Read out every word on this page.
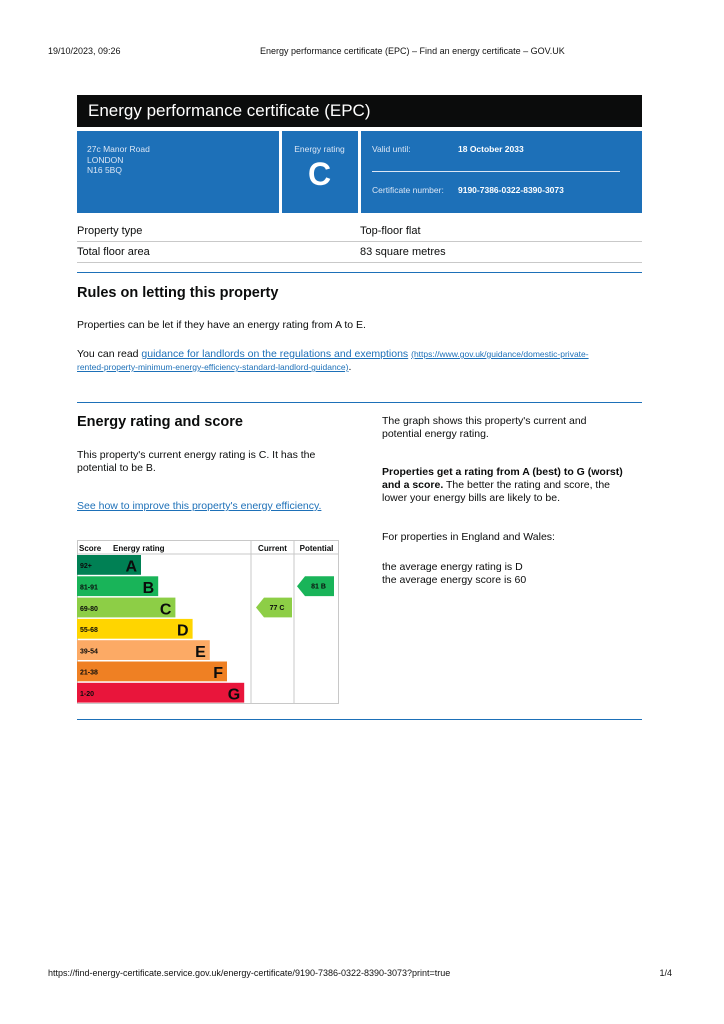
19/10/2023, 09:26	Energy performance certificate (EPC) – Find an energy certificate – GOV.UK
Energy performance certificate (EPC)
27c Manor Road
LONDON
N16 5BQ
Energy rating
C
Valid until:	18 October 2033
Certificate number: 9190-7386-0322-8390-3073
Property type	Top-floor flat
Total floor area	83 square metres
Rules on letting this property
Properties can be let if they have an energy rating from A to E.
You can read guidance for landlords on the regulations and exemptions (https://www.gov.uk/guidance/domestic-private-
rented-property-minimum-energy-efficiency-standard-landlord-guidance).
Energy rating and score
This property's current energy rating is C. It has the
potential to be B.
See how to improve this property's energy efficiency.
The graph shows this property's current and
potential energy rating.
Properties get a rating from A (best) to G (worst)
and a score. The better the rating and score, the
lower your energy bills are likely to be.
For properties in England and Wales:
the average energy rating is D
the average energy score is 60
Score Energy rating	Current Potential
92+ A
81-91	B
69-80	C
55-68	D
39-54	E
21-38	F
1-20	G
77 C
81 B
https://find-energy-certificate.service.gov.uk/energy-certificate/9190-7386-0322-8390-3073?print=true	1/4
